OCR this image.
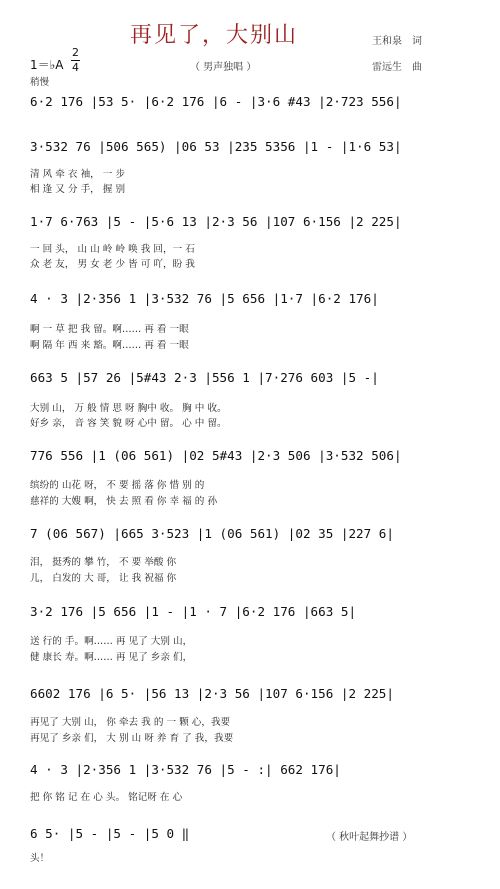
再见了，大别山	王和泉　词
雷远生　曲
（ 男声独唱 ）
1＝♭A
2
4
稍慢
6·2 176 |53 5· |6·2 176 |6 - |3·6 #43 |2·723 556|
3·532 76 |506 565) |06 53 |235 5356 |1 - |1·6 53|
清 风 牵 衣 袖， 一 步
相 逢 又 分 手， 握 别
1·7 6·763 |5 - |5·6 13 |2·3 56 |107 6·156 |2 225|
一 回 头， 山 山 岭 岭 唤 我 回，一 石
众 老 友， 男 女 老 少 皆 可 吖，盼 我
4 · 3 |2·356 1 |3·532 76 |5 656 |1·7 |6·2 176|
啊 一 草 把 我 留。啊…… 再 看 一眼
啊 隔 年 西 来 豁。啊…… 再 看 一眼
663 5 |57 26 |5#43 2·3 |556 1 |7·276 603 |5 -|
大别 山， 万 般 情 思 呀 胸中 收。 胸 中 收。
好乡 亲， 音 容 笑 貌 呀 心中 留。 心 中 留。
776 556 |1 (06 561) |02 5#43 |2·3 506 |3·532 506|
缤纷的 山花 呀， 不 要 摇 落 你 惜 别 的
慈祥的 大嫂 啊， 快 去 照 看 你 幸 福 的 孙
7 (06 567) |665 3·523 |1 (06 561) |02 35 |227 6|
泪， 挺秀的 攀 竹， 不 要 举酸 你
儿， 白发的 大 哥， 让 我 祝福 你
3·2 176 |5 656 |1 - |1 · 7 |6·2 176 |663 5|
送 行的 手。啊…… 再 见了 大别 山，
健 康长 寿。啊…… 再 见了 乡亲 们，
6602 176 |6 5· |56 13 |2·3 56 |107 6·156 |2 225|
再见了 大别 山， 你 牵去 我 的 一 颗 心，我要
再见了 乡亲 们， 大 别 山 呀 养 育 了 我，我要
4 · 3 |2·356 1 |3·532 76 |5 - :| 662 176|
把 你 铭 记 在 心 头。 铭记呀 在 心
6 5· |5 - |5 - |5 0 ‖
头！
（ 秋叶起舞抄谱 ）
